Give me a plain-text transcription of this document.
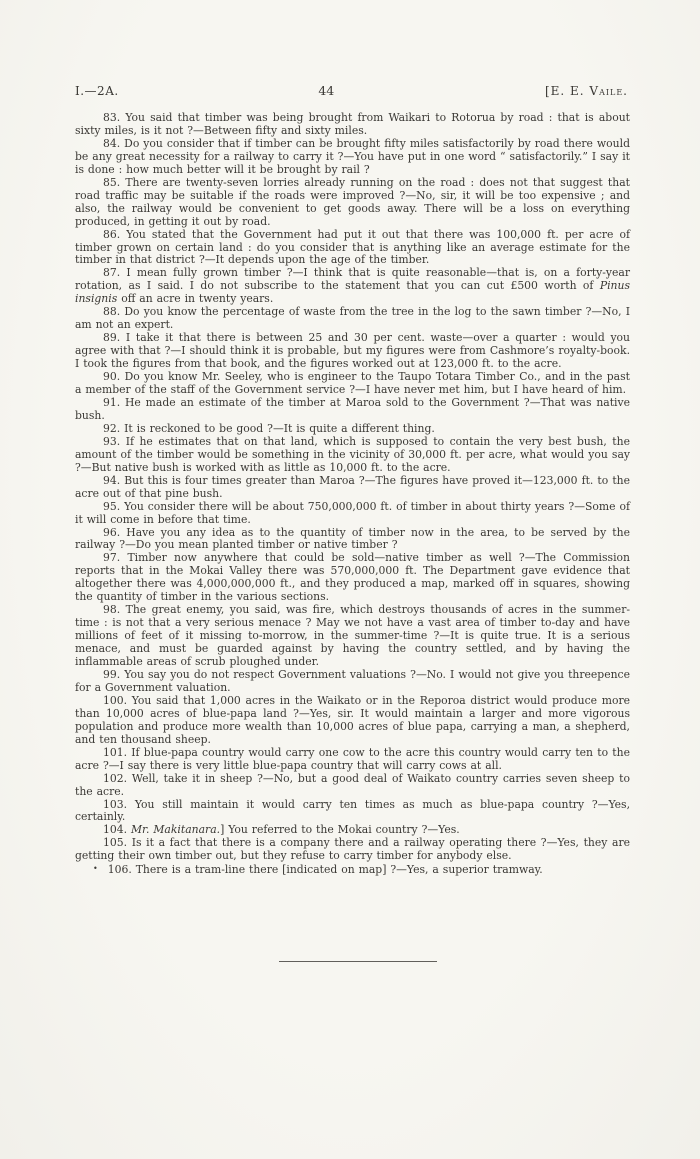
I.—2A.	44	[E. E. Vaile.

83. You said that timber was being brought from Waikari to Rotorua by road : that is about sixty miles, is it not ?—Between fifty and sixty miles.

84. Do you consider that if timber can be brought fifty miles satisfactorily by road there would be any great necessity for a railway to carry it ?—You have put in one word “ satisfactorily.” I say it is done : how much better will it be brought by rail ?

85. There are twenty-seven lorries already running on the road : does not that suggest that road traffic may be suitable if the roads were improved ?—No, sir, it will be too expensive ; and also, the railway would be convenient to get goods away. There will be a loss on everything produced, in getting it out by road.

86. You stated that the Government had put it out that there was 100,000 ft. per acre of timber grown on certain land : do you consider that is anything like an average estimate for the timber in that district ?—It depends upon the age of the timber.

87. I mean fully grown timber ?—I think that is quite reasonable—that is, on a forty-year rotation, as I said. I do not subscribe to the statement that you can cut £500 worth of Pinus insignis off an acre in twenty years.

88. Do you know the percentage of waste from the tree in the log to the sawn timber ?—No, I am not an expert.

89. I take it that there is between 25 and 30 per cent. waste—over a quarter : would you agree with that ?—I should think it is probable, but my figures were from Cashmore’s royalty-book. I took the figures from that book, and the figures worked out at 123,000 ft. to the acre.

90. Do you know Mr. Seeley, who is engineer to the Taupo Totara Timber Co., and in the past a member of the staff of the Government service ?—I have never met him, but I have heard of him.

91. He made an estimate of the timber at Maroa sold to the Government ?—That was native bush.

92. It is reckoned to be good ?—It is quite a different thing.

93. If he estimates that on that land, which is supposed to contain the very best bush, the amount of the timber would be something in the vicinity of 30,000 ft. per acre, what would you say ?—But native bush is worked with as little as 10,000 ft. to the acre.

94. But this is four times greater than Maroa ?—The figures have proved it—123,000 ft. to the acre out of that pine bush.

95. You consider there will be about 750,000,000 ft. of timber in about thirty years ?—Some of it will come in before that time.

96. Have you any idea as to the quantity of timber now in the area, to be served by the railway ?—Do you mean planted timber or native timber ?

97. Timber now anywhere that could be sold—native timber as well ?—The Commission reports that in the Mokai Valley there was 570,000,000 ft. The Department gave evidence that altogether there was 4,000,000,000 ft., and they produced a map, marked off in squares, showing the quantity of timber in the various sections.

98. The great enemy, you said, was fire, which destroys thousands of acres in the summer-time : is not that a very serious menace ? May we not have a vast area of timber to-day and have millions of feet of it missing to-morrow, in the summer-time ?—It is quite true. It is a serious menace, and must be guarded against by having the country settled, and by having the inflammable areas of scrub ploughed under.

99. You say you do not respect Government valuations ?—No. I would not give you threepence for a Government valuation.

100. You said that 1,000 acres in the Waikato or in the Reporoa district would produce more than 10,000 acres of blue-papa land ?—Yes, sir. It would maintain a larger and more vigorous population and produce more wealth than 10,000 acres of blue papa, carrying a man, a shepherd, and ten thousand sheep.

101. If blue-papa country would carry one cow to the acre this country would carry ten to the acre ?—I say there is very little blue-papa country that will carry cows at all.

102. Well, take it in sheep ?—No, but a good deal of Waikato country carries seven sheep to the acre.

103. You still maintain it would carry ten times as much as blue-papa country ?—Yes, certainly.

104. Mr. Makitanara.] You referred to the Mokai country ?—Yes.

105. Is it a fact that there is a company there and a railway operating there ?—Yes, they are getting their own timber out, but they refuse to carry timber for anybody else.

• 106. There is a tram-line there [indicated on map] ?—Yes, a superior tramway.
